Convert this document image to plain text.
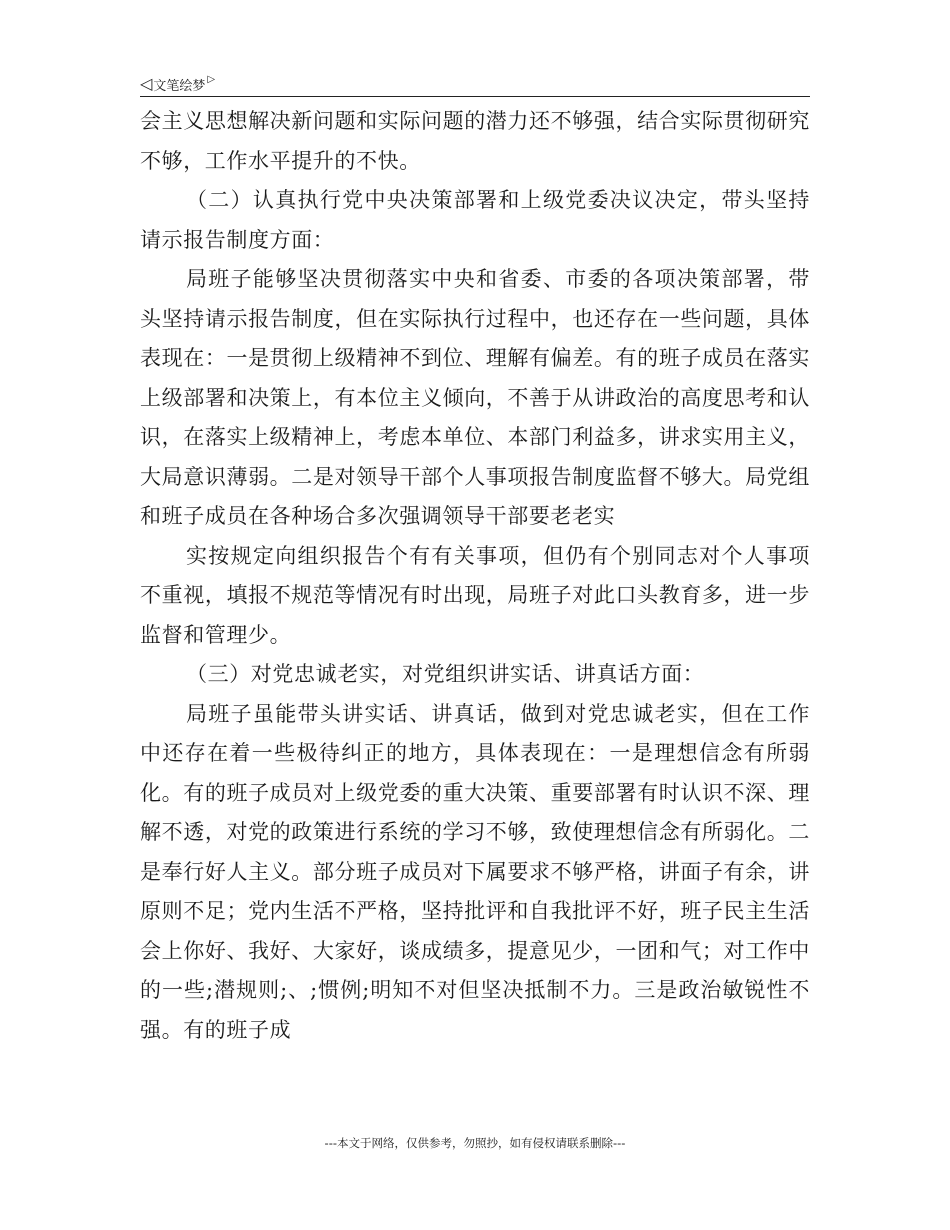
◁ 文笔绘梦 ▷

会主义思想解决新问题和实际问题的潜力还不够强，结合实际贯彻研究不够，工作水平提升的不快。

（二）认真执行党中央决策部署和上级党委决议决定，带头坚持请示报告制度方面：

局班子能够坚决贯彻落实中央和省委、市委的各项决策部署，带头坚持请示报告制度，但在实际执行过程中，也还存在一些问题，具体表现在：一是贯彻上级精神不到位、理解有偏差。有的班子成员在落实上级部署和决策上，有本位主义倾向，不善于从讲政治的高度思考和认识，在落实上级精神上，考虑本单位、本部门利益多，讲求实用主义，大局意识薄弱。二是对领导干部个人事项报告制度监督不够大。局党组和班子成员在各种场合多次强调领导干部要老老实

实按规定向组织报告个有有关事项，但仍有个别同志对个人事项不重视，填报不规范等情况有时出现，局班子对此口头教育多，进一步监督和管理少。

（三）对党忠诚老实，对党组织讲实话、讲真话方面：

局班子虽能带头讲实话、讲真话，做到对党忠诚老实，但在工作中还存在着一些极待纠正的地方，具体表现在：一是理想信念有所弱化。有的班子成员对上级党委的重大决策、重要部署有时认识不深、理解不透，对党的政策进行系统的学习不够，致使理想信念有所弱化。二是奉行好人主义。部分班子成员对下属要求不够严格，讲面子有余，讲原则不足；党内生活不严格，坚持批评和自我批评不好，班子民主生活会上你好、我好、大家好，谈成绩多，提意见少，一团和气；对工作中的一些;潜规则;、;惯例;明知不对但坚决抵制不力。三是政治敏锐性不强。有的班子成

---本文于网络，仅供参考，勿照抄，如有侵权请联系删除---
